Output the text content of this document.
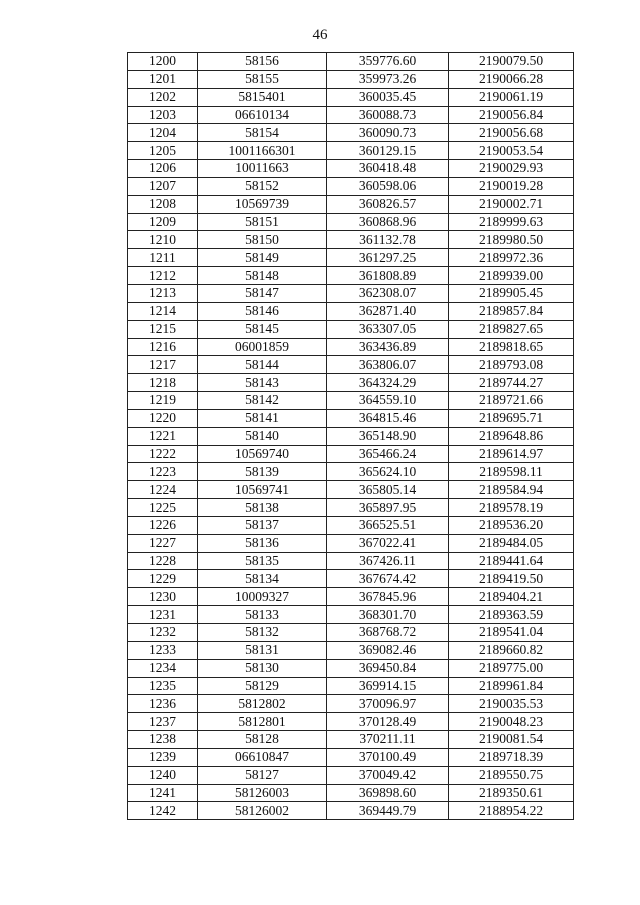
46
1200	58156	359776.60	2190079.50
1201	58155	359973.26	2190066.28
1202	5815401	360035.45	2190061.19
1203	06610134	360088.73	2190056.84
1204	58154	360090.73	2190056.68
1205	1001166301	360129.15	2190053.54
1206	10011663	360418.48	2190029.93
1207	58152	360598.06	2190019.28
1208	10569739	360826.57	2190002.71
1209	58151	360868.96	2189999.63
1210	58150	361132.78	2189980.50
1211	58149	361297.25	2189972.36
1212	58148	361808.89	2189939.00
1213	58147	362308.07	2189905.45
1214	58146	362871.40	2189857.84
1215	58145	363307.05	2189827.65
1216	06001859	363436.89	2189818.65
1217	58144	363806.07	2189793.08
1218	58143	364324.29	2189744.27
1219	58142	364559.10	2189721.66
1220	58141	364815.46	2189695.71
1221	58140	365148.90	2189648.86
1222	10569740	365466.24	2189614.97
1223	58139	365624.10	2189598.11
1224	10569741	365805.14	2189584.94
1225	58138	365897.95	2189578.19
1226	58137	366525.51	2189536.20
1227	58136	367022.41	2189484.05
1228	58135	367426.11	2189441.64
1229	58134	367674.42	2189419.50
1230	10009327	367845.96	2189404.21
1231	58133	368301.70	2189363.59
1232	58132	368768.72	2189541.04
1233	58131	369082.46	2189660.82
1234	58130	369450.84	2189775.00
1235	58129	369914.15	2189961.84
1236	5812802	370096.97	2190035.53
1237	5812801	370128.49	2190048.23
1238	58128	370211.11	2190081.54
1239	06610847	370100.49	2189718.39
1240	58127	370049.42	2189550.75
1241	58126003	369898.60	2189350.61
1242	58126002	369449.79	2188954.22
